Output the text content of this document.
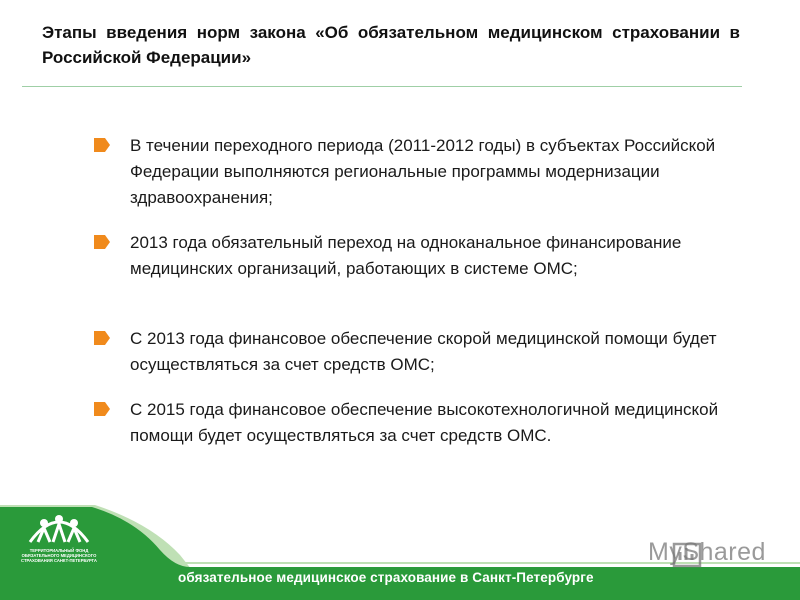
Этапы введения норм закона «Об обязательном медицинском страховании в Российской Федерации»
В течении переходного периода (2011-2012 годы) в субъектах Российской Федерации выполняются региональные программы модернизации здравоохранения;
2013 года обязательный переход на одноканальное финансирование медицинских организаций, работающих в системе ОМС;
С 2013 года финансовое обеспечение скорой медицинской помощи будет осуществляться за счет средств ОМС;
С 2015 года финансовое обеспечение высокотехнологичной медицинской помощи будет осуществляться за счет средств ОМС.
ТЕРРИТОРИАЛЬНЫЙ ФОНД ОБЯЗАТЕЛЬНОГО МЕДИЦИНСКОГО СТРАХОВАНИЯ САНКТ-ПЕТЕРБУРГА	MyShared
обязательное медицинское страхование в Санкт-Петербурге
